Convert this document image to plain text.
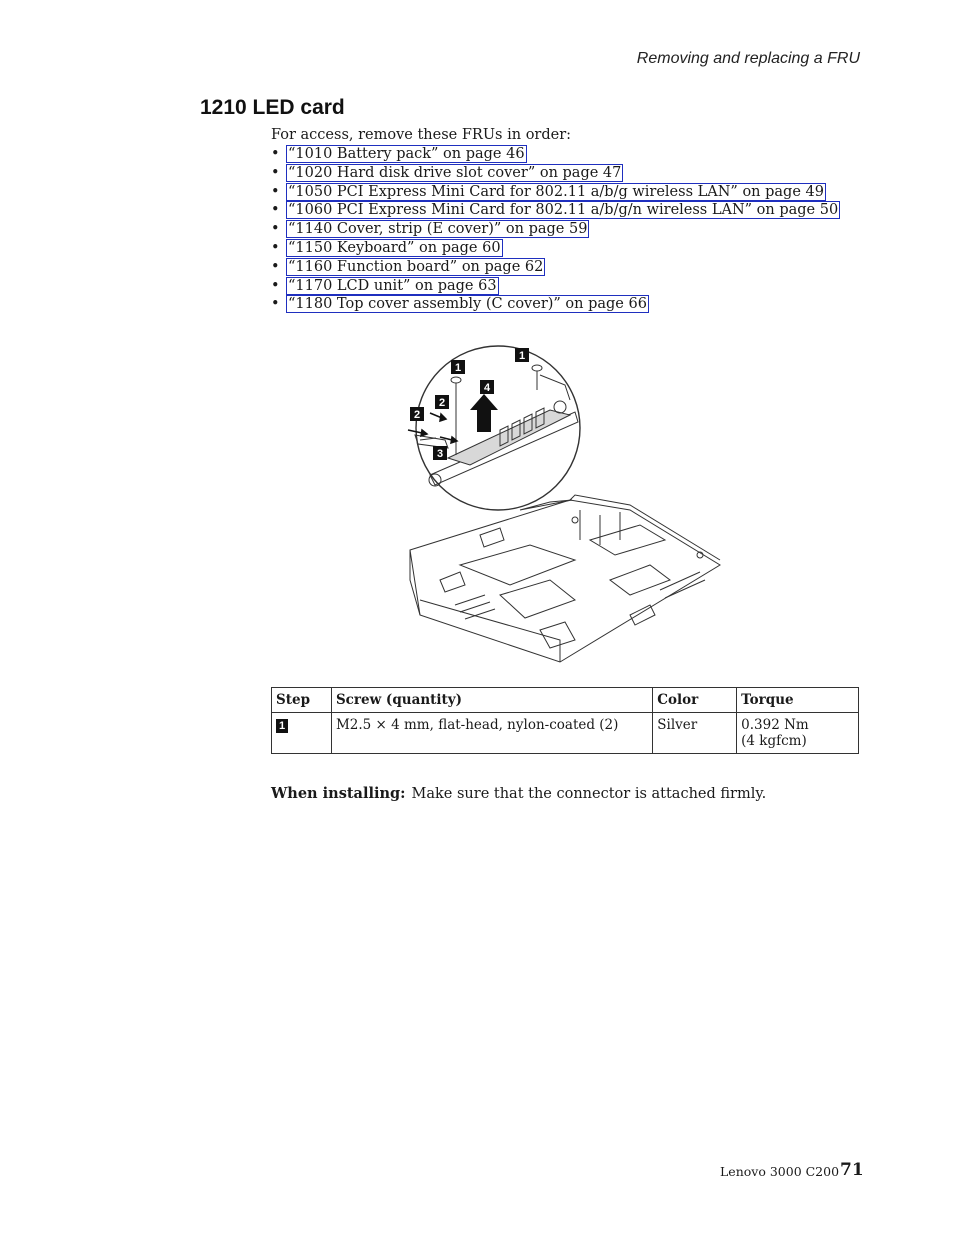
Removing and replacing a FRU
1210 LED card
For access, remove these FRUs in order:
• “1010 Battery pack” on page 46
• “1020 Hard disk drive slot cover” on page 47
• “1050 PCI Express Mini Card for 802.11 a/b/g wireless LAN” on page 49
• “1060 PCI Express Mini Card for 802.11 a/b/g/n wireless LAN” on page 50
• “1140 Cover, strip (E cover)” on page 59
• “1150 Keyboard” on page 60
• “1160 Function board” on page 62
• “1170 LCD unit” on page 63
• “1180 Top cover assembly (C cover)” on page 66
1
1
4
2
2
3
Step	Screw (quantity)	Color	Torque
1	M2.5 × 4 mm, flat-head, nylon-coated (2)	Silver	0.392 Nm
(4 kgfcm)
When installing: Make sure that the connector is attached firmly.
Lenovo 3000 C200 71
